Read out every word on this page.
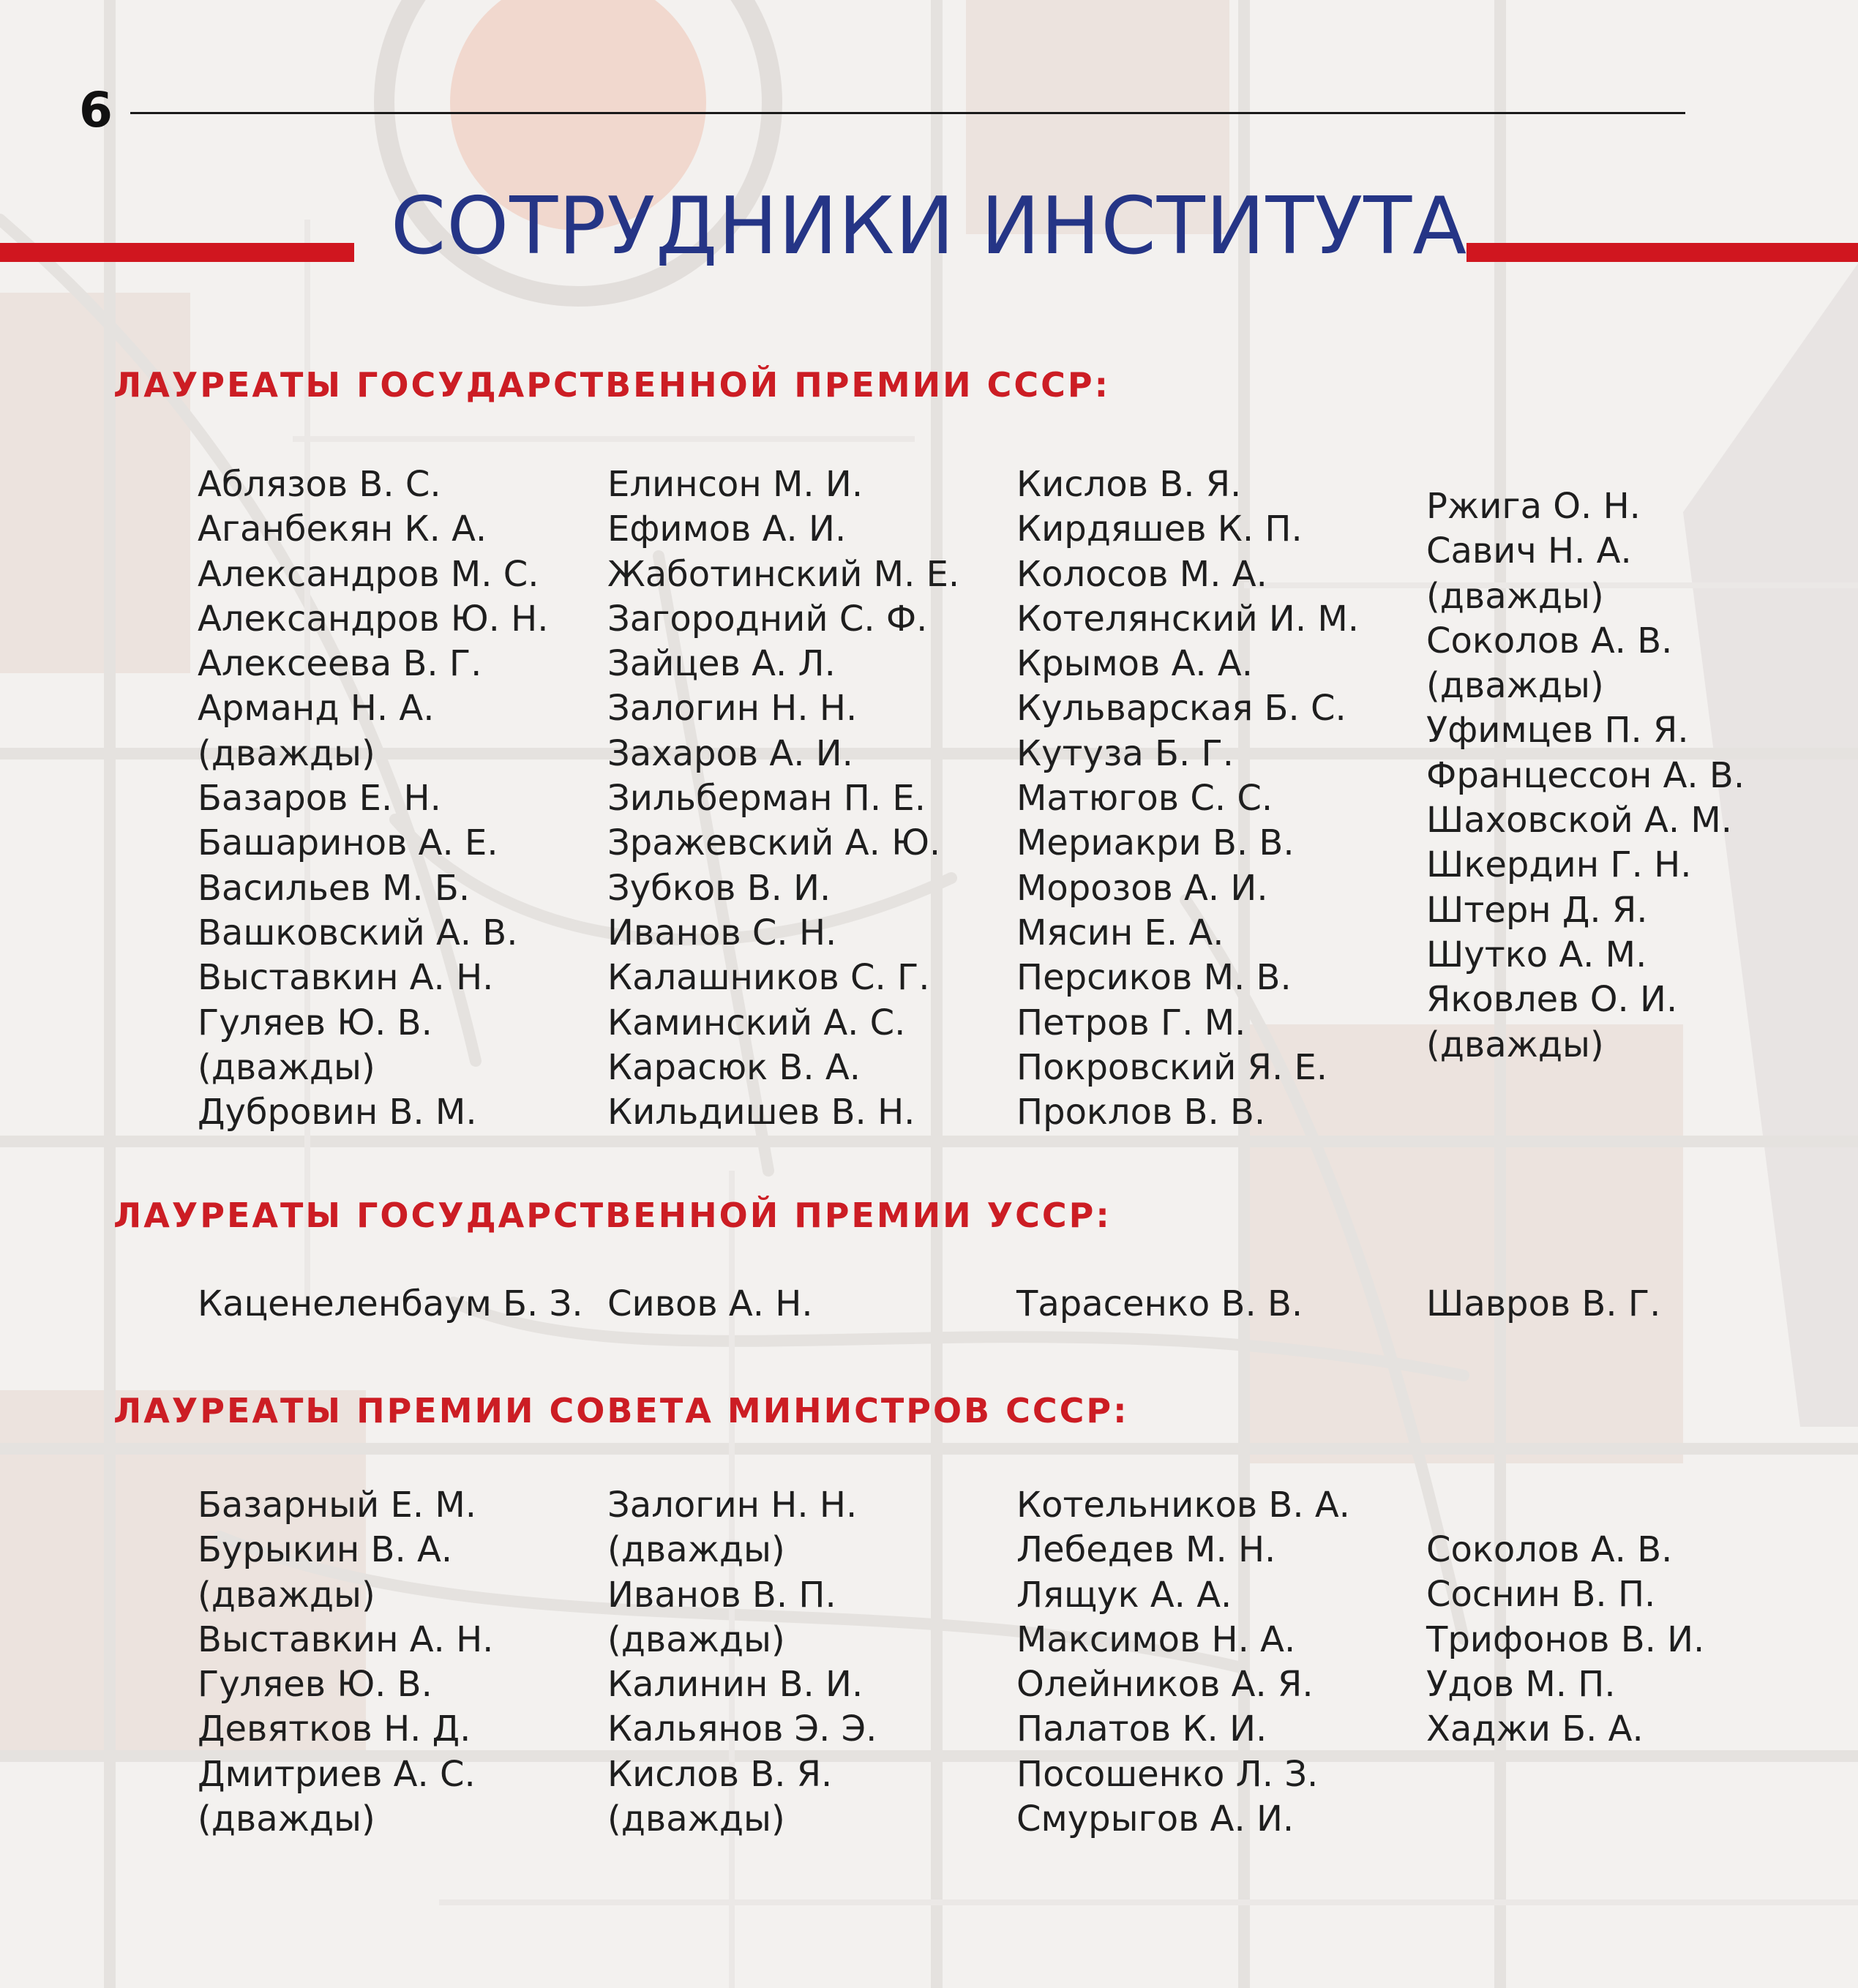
6
СОТРУДНИКИ ИНСТИТУТА
ЛАУРЕАТЫ ГОСУДАРСТВЕННОЙ ПРЕМИИ СССР:
Аблязов В. С.
Аганбекян К. А.
Александров М. С.
Александров Ю. Н.
Алексеева В. Г.
Арманд Н. А.
(дважды)
Базаров Е. Н.
Башаринов А. Е.
Васильев М. Б.
Вашковский А. В.
Выставкин А. Н.
Гуляев Ю. В.
(дважды)
Дубровин В. М.
Елинсон М. И.
Ефимов А. И.
Жаботинский М. Е.
Загородний С. Ф.
Зайцев А. Л.
Залогин Н. Н.
Захаров А. И.
Зильберман П. Е.
Зражевский А. Ю.
Зубков В. И.
Иванов С. Н.
Калашников С. Г.
Каминский А. С.
Карасюк В. А.
Кильдишев В. Н.
Кислов В. Я.
Кирдяшев К. П.
Колосов М. А.
Котелянский И. М.
Крымов А. А.
Кульварская Б. С.
Кутуза Б. Г.
Матюгов С. С.
Мериакри В. В.
Морозов А. И.
Мясин Е. А.
Персиков М. В.
Петров Г. М.
Покровский Я. Е.
Проклов В. В.
Ржига О. Н.
Савич Н. А.
(дважды)
Соколов А. В.
(дважды)
Уфимцев П. Я.
Францессон А. В.
Шаховской А. М.
Шкердин Г. Н.
Штерн Д. Я.
Шутко А. М.
Яковлев О. И.
(дважды)
ЛАУРЕАТЫ ГОСУДАРСТВЕННОЙ ПРЕМИИ УССР:
Каценеленбаум Б. З. Сивов А. Н.	Тарасенко В. В.	Шавров В. Г.
ЛАУРЕАТЫ ПРЕМИИ СОВЕТА МИНИСТРОВ СССР:
Базарный Е. М.
Бурыкин В. А.
(дважды)
Выставкин А. Н.
Гуляев Ю. В.
Девятков Н. Д.
Дмитриев А. С.
(дважды)
Залогин Н. Н.
(дважды)
Иванов В. П.
(дважды)
Калинин В. И.
Кальянов Э. Э.
Кислов В. Я.
(дважды)
Котельников В. А.
Лебедев М. Н.
Лящук А. А.
Максимов Н. А.
Олейников А. Я.
Палатов К. И.
Посошенко Л. З.
Смурыгов А. И.
Соколов А. В.
Соснин В. П.
Трифонов В. И.
Удов М. П.
Хаджи Б. А.
